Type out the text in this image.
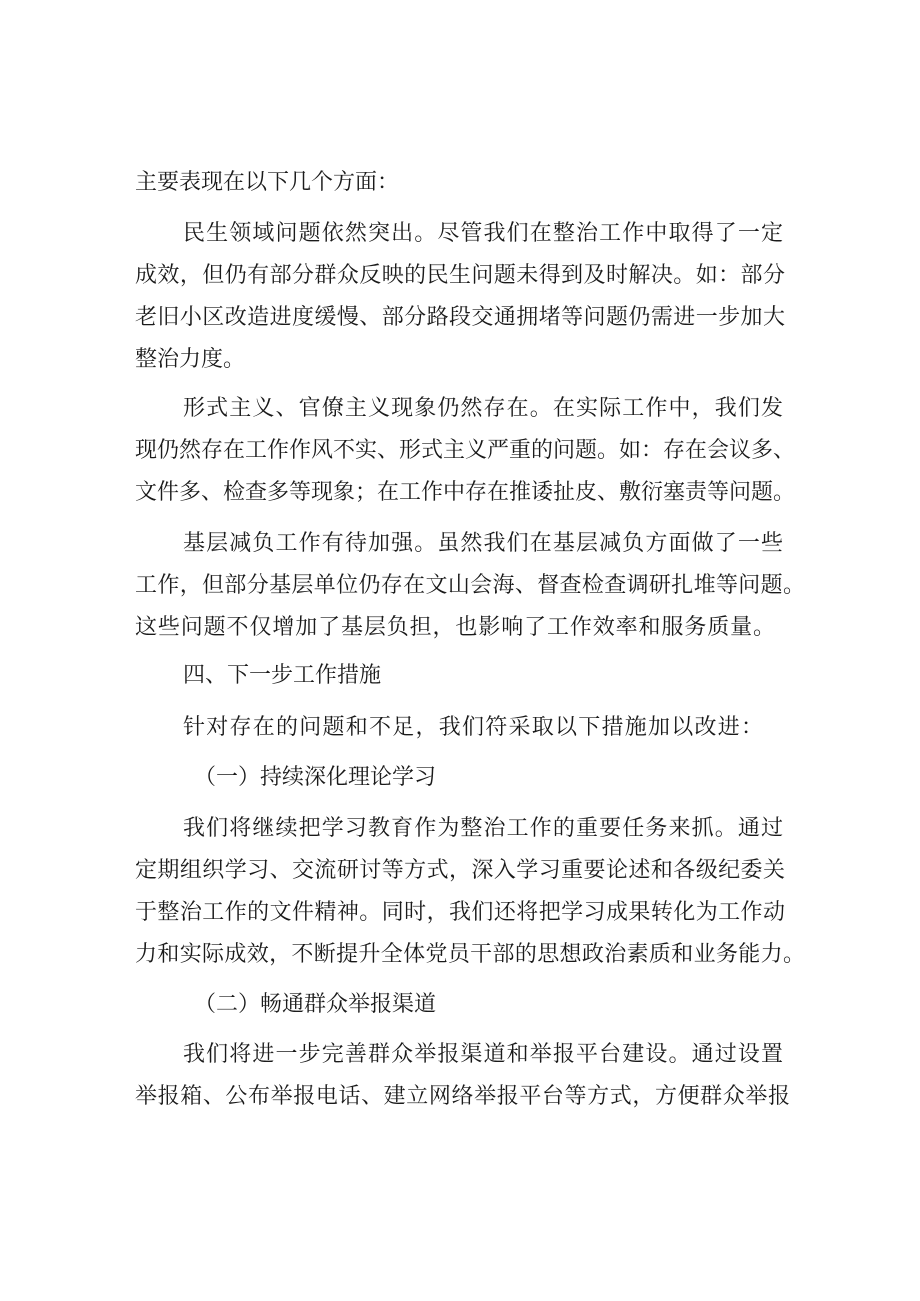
主要表现在以下几个方面：
民生领域问题依然突出。尽管我们在整治工作中取得了一定
成效，但仍有部分群众反映的民生问题未得到及时解决。如：部分
老旧小区改造进度缓慢、部分路段交通拥堵等问题仍需进一步加大
整治力度。
形式主义、官僚主义现象仍然存在。在实际工作中，我们发
现仍然存在工作作风不实、形式主义严重的问题。如：存在会议多、
文件多、检查多等现象；在工作中存在推诿扯皮、敷衍塞责等问题。
基层减负工作有待加强。虽然我们在基层减负方面做了一些
工作，但部分基层单位仍存在文山会海、督查检查调研扎堆等问题。
这些问题不仅增加了基层负担，也影响了工作效率和服务质量。
四、下一步工作措施
针对存在的问题和不足，我们符采取以下措施加以改进：
（一）持续深化理论学习
我们将继续把学习教育作为整治工作的重要任务来抓。通过
定期组织学习、交流研讨等方式，深入学习重要论述和各级纪委关
于整治工作的文件精神。同时，我们还将把学习成果转化为工作动
力和实际成效，不断提升全体党员干部的思想政治素质和业务能力。
（二）畅通群众举报渠道
我们将进一步完善群众举报渠道和举报平台建设。通过设置
举报箱、公布举报电话、建立网络举报平台等方式，方便群众举报
